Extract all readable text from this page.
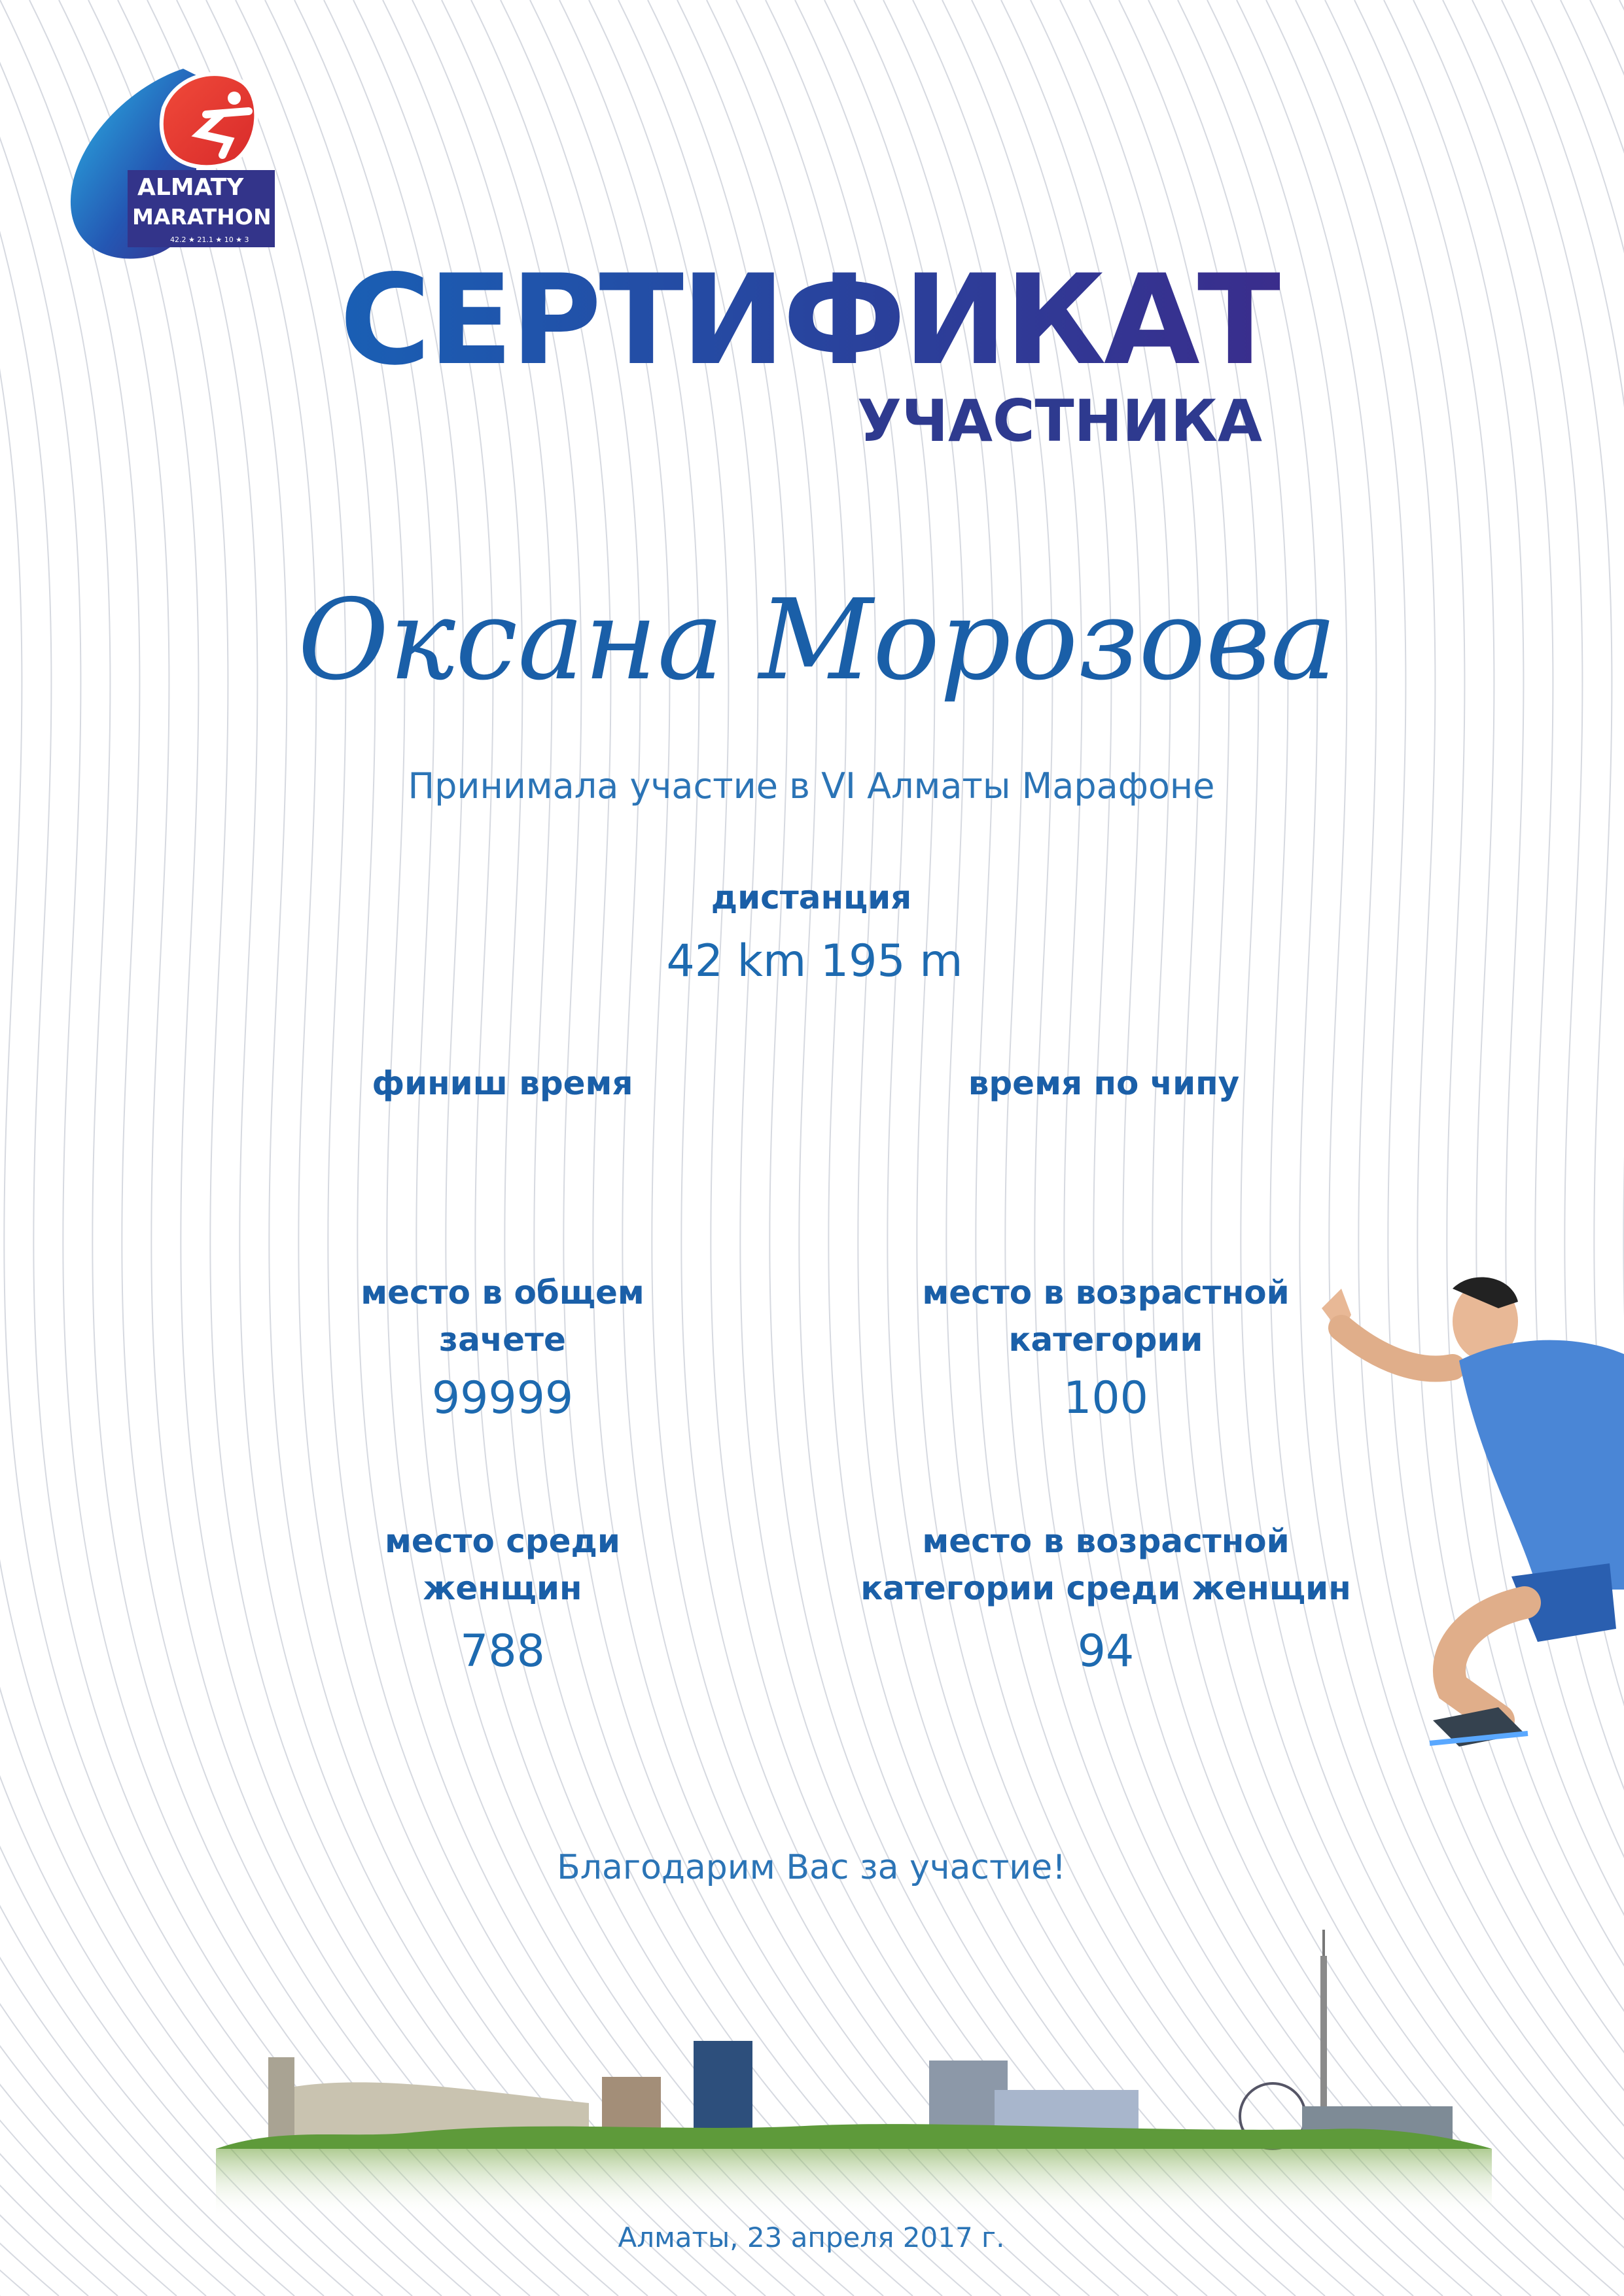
ALMATY
MARATHON
42.2 ★ 21.1 ★ 10 ★ 3
СЕРТИФИКАТ
УЧАСТНИКА
Оксана Морозова
Принимала участие в VI Алматы Марафоне
дистанция
42 km 195 m
финиш время	время по чипу
место в общем
зачете
99999
место в возрастной
категории
100
место среди
женщин
788
место в возрастной
категории среди женщин
94
Благодарим Вас за участие!
Алматы, 23 апреля 2017 г.
